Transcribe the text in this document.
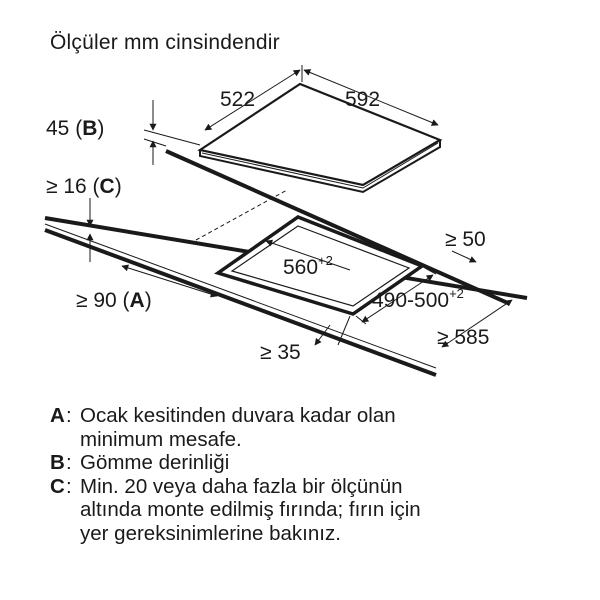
Ölçüler mm cinsindendir
522	592
45 (B)
≥ 16 (C)
$560^{+2}$
$490-500^{+2}$
≥ 50
≥ 90 (A)
≥ 35
≥ 585
A : Ocak kesitinden duvara kadar olan
minimum mesafe.
B : Gömme derinliği
C : Min. 20 veya daha fazla bir ölçünün
altında monte edilmiş fırında; fırın için
yer gereksinimlerine bakınız.
